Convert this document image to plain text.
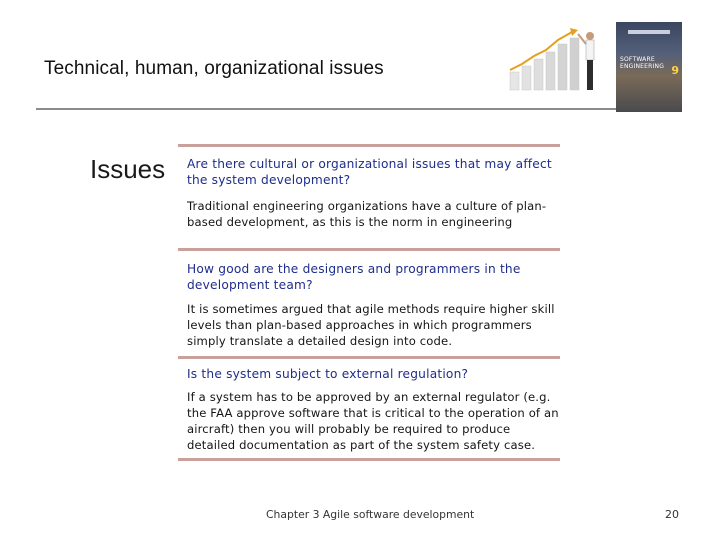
Technical, human, organizational issues	SOFTWARE ENGINEERING 9
Issues Are there cultural or organizational issues that may affect the system development?
Traditional engineering organizations have a culture of plan-based development, as this is the norm in engineering
How good are the designers and programmers in the development team?
It is sometimes argued that agile methods require higher skill levels than plan-based approaches in which programmers simply translate a detailed design into code.
Is the system subject to external regulation?
If a system has to be approved by an external regulator (e.g. the FAA approve software that is critical to the operation of an aircraft) then you will probably be required to produce detailed documentation as part of the system safety case.
Chapter 3 Agile software development	20
